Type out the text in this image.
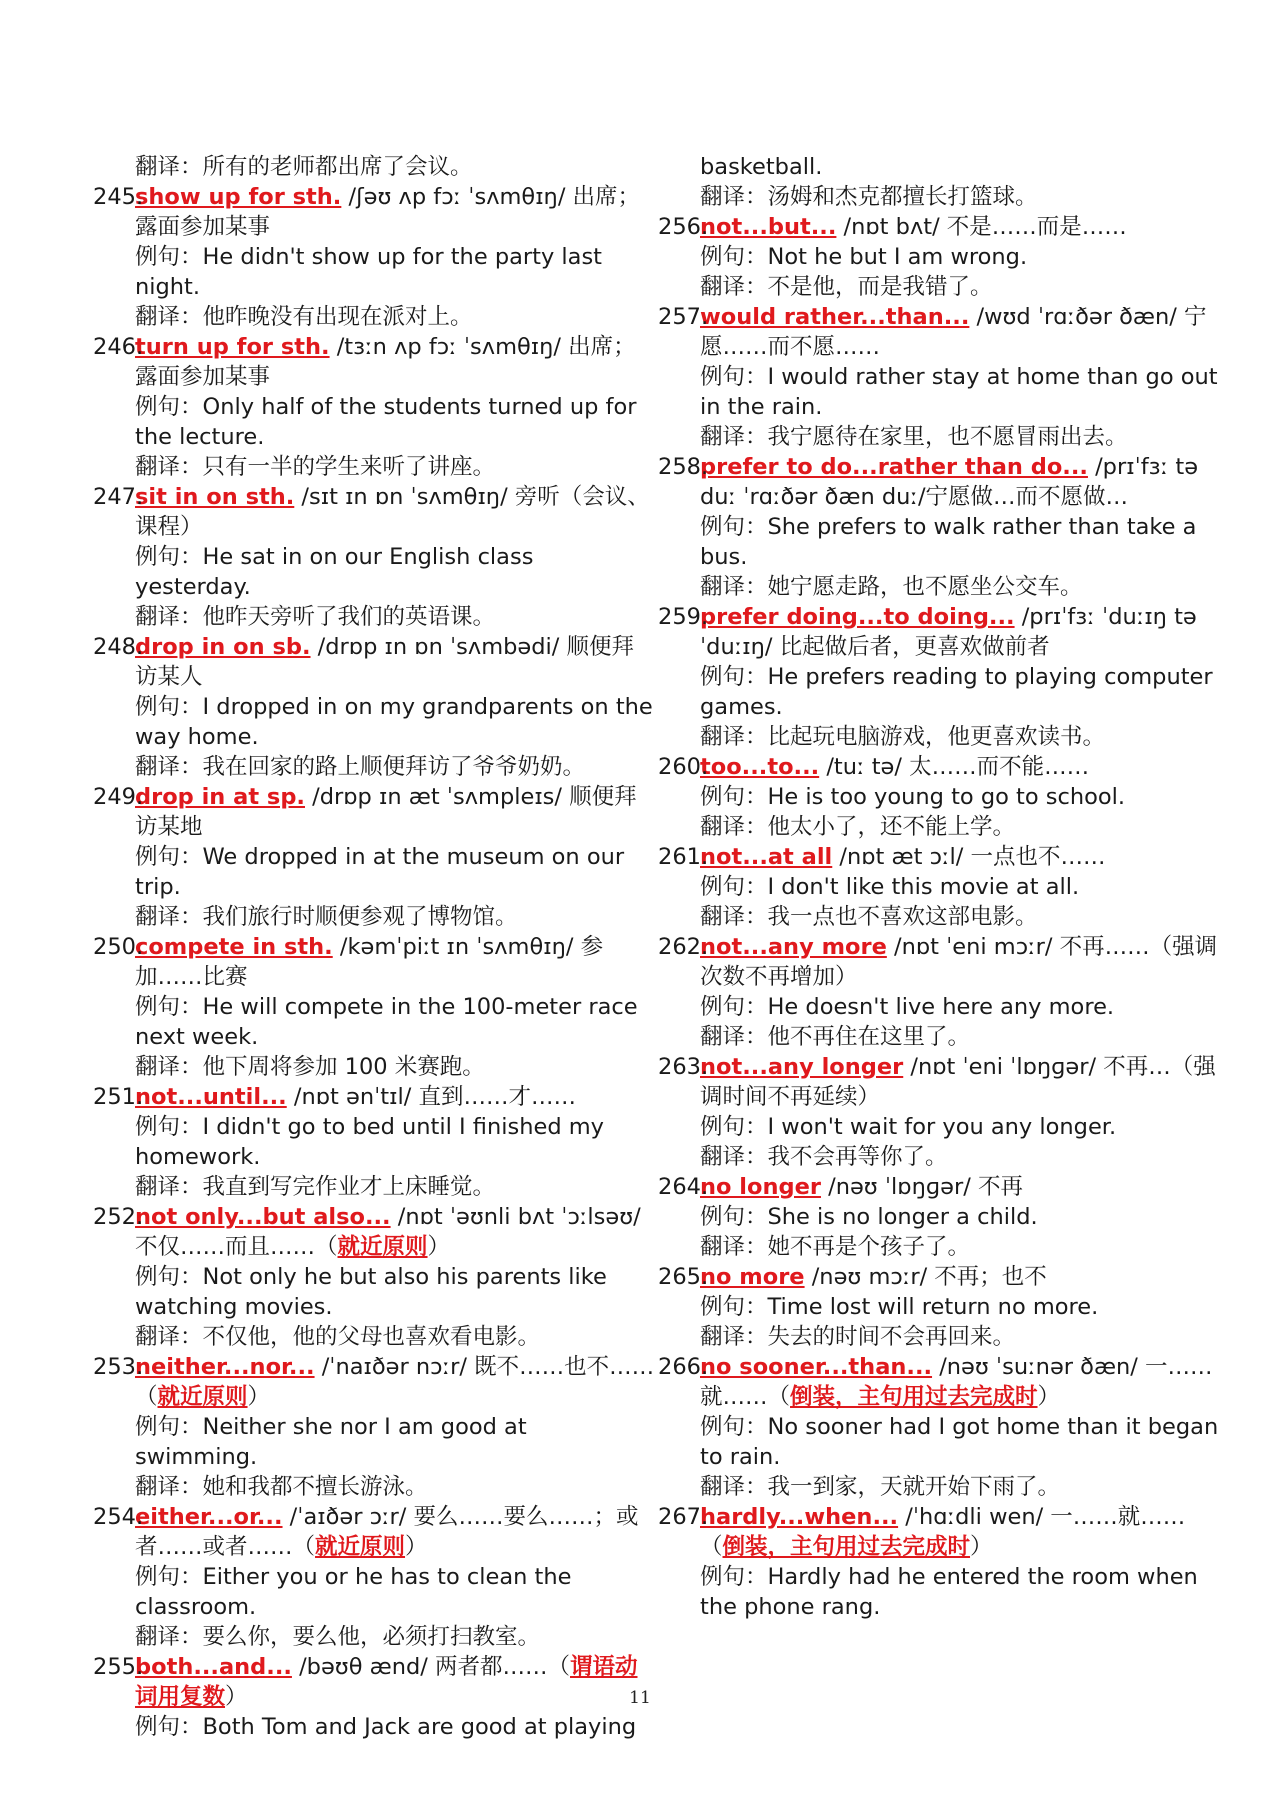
翻译：所有的老师都出席了会议。
245.
show up for sth. /ʃəʊ ʌp fɔː ˈsʌmθɪŋ/ 出席；露面参加某事
例句：He didn't show up for the party last night.
翻译：他昨晚没有出现在派对上。
246.
turn up for sth. /tɜːn ʌp fɔː ˈsʌmθɪŋ/ 出席；露面参加某事
例句：Only half of the students turned up for the lecture.
翻译：只有一半的学生来听了讲座。
247.
sit in on sth. /sɪt ɪn ɒn ˈsʌmθɪŋ/ 旁听（会议、课程）
例句：He sat in on our English class yesterday.
翻译：他昨天旁听了我们的英语课。
248.
drop in on sb. /drɒp ɪn ɒn ˈsʌmbədi/ 顺便拜访某人
例句：I dropped in on my grandparents on the way home.
翻译：我在回家的路上顺便拜访了爷爷奶奶。
249.
drop in at sp. /drɒp ɪn æt ˈsʌmpleɪs/ 顺便拜访某地
例句：We dropped in at the museum on our trip.
翻译：我们旅行时顺便参观了博物馆。
250.
compete in sth. /kəmˈpiːt ɪn ˈsʌmθɪŋ/ 参加……比赛
例句：He will compete in the 100-meter race next week.
翻译：他下周将参加 100 米赛跑。
251.
not...until... /nɒt ənˈtɪl/ 直到……才……
例句：I didn't go to bed until I finished my homework.
翻译：我直到写完作业才上床睡觉。
252.
not only...but also... /nɒt ˈəʊnli bʌt ˈɔːlsəʊ/ 不仅……而且……（就近原则）
例句：Not only he but also his parents like watching movies.
翻译：不仅他，他的父母也喜欢看电影。
253.
neither...nor... /ˈnaɪðər nɔːr/ 既不……也不……（就近原则）
例句：Neither she nor I am good at swimming.
翻译：她和我都不擅长游泳。
254.
either...or... /ˈaɪðər ɔːr/ 要么……要么……；或者……或者……（就近原则）
例句：Either you or he has to clean the classroom.
翻译：要么你，要么他，必须打扫教室。
255.
both...and... /bəʊθ ænd/ 两者都……（谓语动词用复数）
例句：Both Tom and Jack are good at playing
basketball.
翻译：汤姆和杰克都擅长打篮球。
256.
not...but... /nɒt bʌt/ 不是……而是……
例句：Not he but I am wrong.
翻译：不是他，而是我错了。
257.
would rather...than... /wʊd ˈrɑːðər ðæn/ 宁愿……而不愿……
例句：I would rather stay at home than go out in the rain.
翻译：我宁愿待在家里，也不愿冒雨出去。
258.
prefer to do...rather than do... /prɪˈfɜː tə duː ˈrɑːðər ðæn duː/宁愿做…而不愿做…
例句：She prefers to walk rather than take a bus.
翻译：她宁愿走路，也不愿坐公交车。
259.
prefer doing...to doing... /prɪˈfɜː ˈduːɪŋ tə ˈduːɪŋ/ 比起做后者，更喜欢做前者
例句：He prefers reading to playing computer games.
翻译：比起玩电脑游戏，他更喜欢读书。
260.
too...to... /tuː tə/ 太……而不能……
例句：He is too young to go to school.
翻译：他太小了，还不能上学。
261.
not...at all /nɒt æt ɔːl/ 一点也不……
例句：I don't like this movie at all.
翻译：我一点也不喜欢这部电影。
262.
not...any more /nɒt ˈeni mɔːr/ 不再……（强调次数不再增加）
例句：He doesn't live here any more.
翻译：他不再住在这里了。
263.
not...any longer /nɒt ˈeni ˈlɒŋɡər/ 不再…（强调时间不再延续）
例句：I won't wait for you any longer.
翻译：我不会再等你了。
264.
no longer /nəʊ ˈlɒŋɡər/ 不再
例句：She is no longer a child.
翻译：她不再是个孩子了。
265.
no more /nəʊ mɔːr/ 不再；也不
例句：Time lost will return no more.
翻译：失去的时间不会再回来。
266.
no sooner...than... /nəʊ ˈsuːnər ðæn/ 一……就……（倒装，主句用过去完成时）
例句：No sooner had I got home than it began to rain.
翻译：我一到家，天就开始下雨了。
267.
hardly...when... /ˈhɑːdli wen/ 一……就……（倒装，主句用过去完成时）
例句：Hardly had he entered the room when the phone rang.
11
